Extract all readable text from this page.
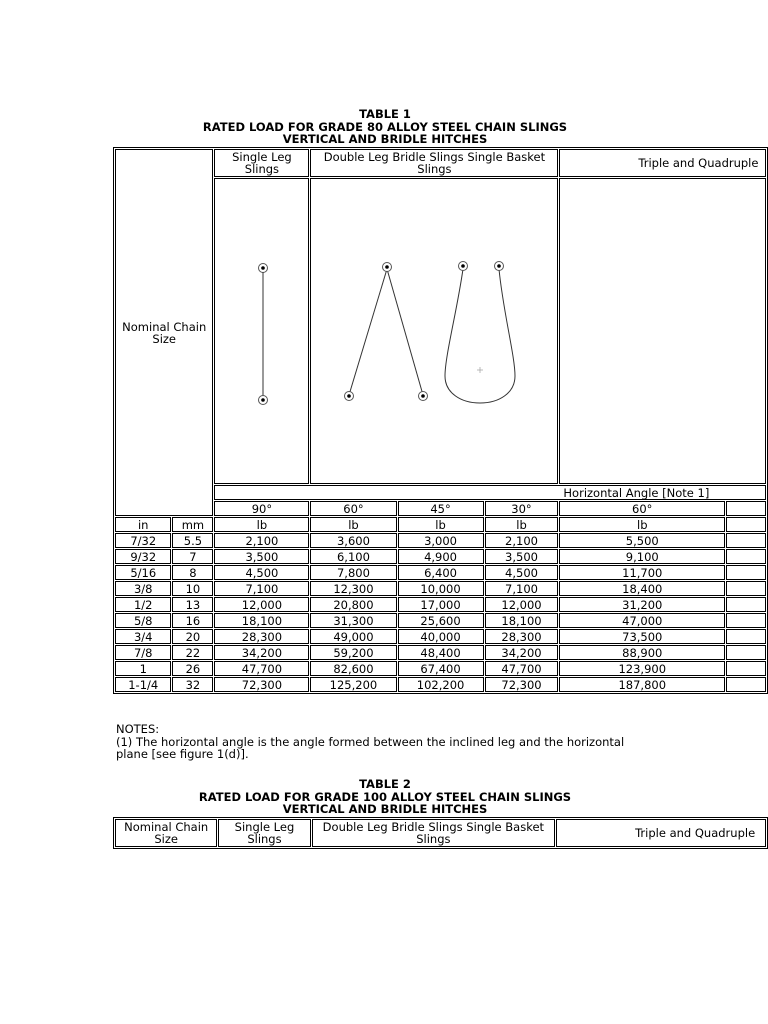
TABLE 1
RATED LOAD FOR GRADE 80 ALLOY STEEL CHAIN SLINGS
VERTICAL AND BRIDLE HITCHES
Nominal Chain Size		Single Leg Slings	Double Leg Bridle Slings Single Basket Slings			Triple and Quadruple	

		Horizontal Angle [Note 1]					
		90°	60°	45°	30°	60°	
in	mm	lb	lb	lb	lb	lb	
7/32	5.5	2,100	3,600	3,000	2,100	5,500	
9/32	7	3,500	6,100	4,900	3,500	9,100	
5/16	8	4,500	7,800	6,400	4,500	11,700	
3/8	10	7,100	12,300	10,000	7,100	18,400	
1/2	13	12,000	20,800	17,000	12,000	31,200	
5/8	16	18,100	31,300	25,600	18,100	47,000	
3/4	20	28,300	49,000	40,000	28,300	73,500	
7/8	22	34,200	59,200	48,400	34,200	88,900	
1	26	47,700	82,600	67,400	47,700	123,900	
1-1/4	32	72,300	125,200	102,200	72,300	187,800	
NOTES:
(1) The horizontal angle is the angle formed between the inclined leg and the horizontal
plane [see figure 1(d)].
TABLE 2
RATED LOAD FOR GRADE 100 ALLOY STEEL CHAIN SLINGS
VERTICAL AND BRIDLE HITCHES
Nominal Chain Size	Single Leg Slings	Double Leg Bridle Slings Single Basket Slings	Triple and Quadruple
